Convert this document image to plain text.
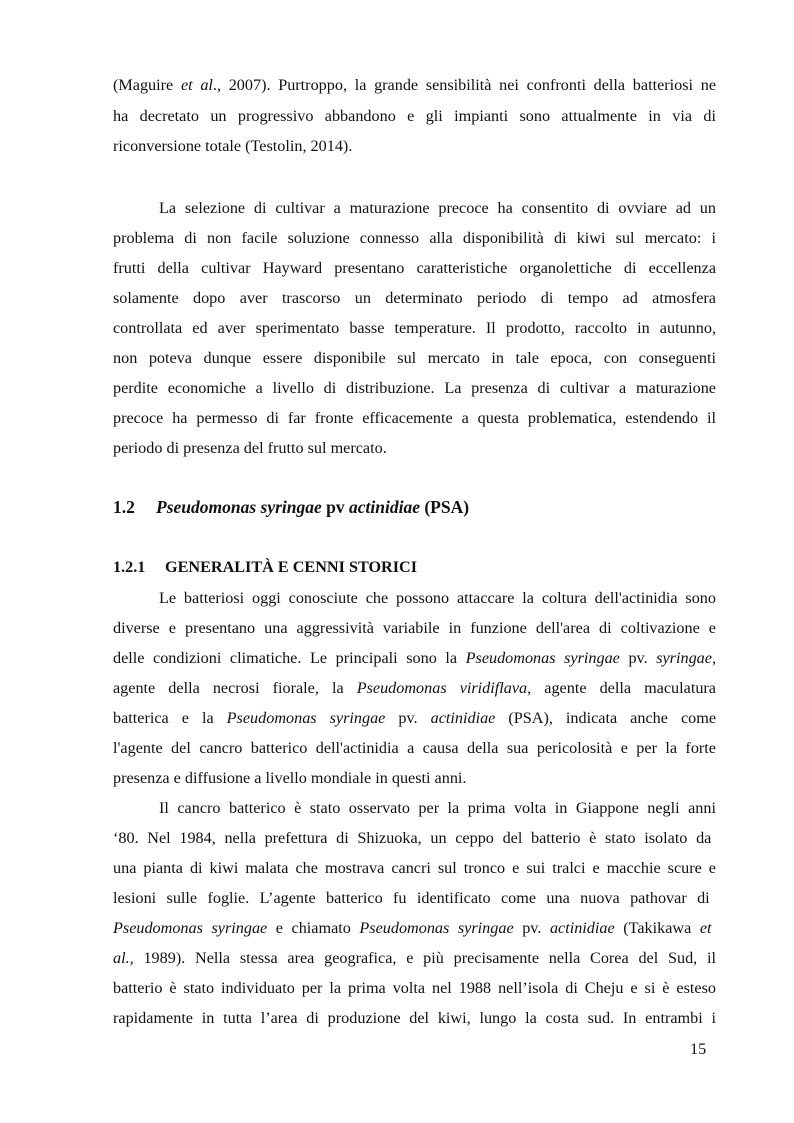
(Maguire et al., 2007). Purtroppo, la grande sensibilità nei confronti della batteriosi ne
ha decretato un progressivo abbandono e gli impianti sono attualmente in via di
riconversione totale (Testolin, 2014).
La selezione di cultivar a maturazione precoce ha consentito di ovviare ad un
problema di non facile soluzione connesso alla disponibilità di kiwi sul mercato: i
frutti della cultivar Hayward presentano caratteristiche organolettiche di eccellenza
solamente dopo aver trascorso un determinato periodo di tempo ad atmosfera
controllata ed aver sperimentato basse temperature. Il prodotto, raccolto in autunno,
non poteva dunque essere disponibile sul mercato in tale epoca, con conseguenti
perdite economiche a livello di distribuzione. La presenza di cultivar a maturazione
precoce ha permesso di far fronte efficacemente a questa problematica, estendendo il
periodo di presenza del frutto sul mercato.
1.2 Pseudomonas syringae pv actinidiae (PSA)
1.2.1 GENERALITÀ E CENNI STORICI
Le batteriosi oggi conosciute che possono attaccare la coltura dell'actinidia sono
diverse e presentano una aggressività variabile in funzione dell'area di coltivazione e
delle condizioni climatiche. Le principali sono la Pseudomonas syringae pv. syringae,
agente della necrosi fiorale, la Pseudomonas viridiflava, agente della maculatura
batterica e la Pseudomonas syringae pv. actinidiae (PSA), indicata anche come
l'agente del cancro batterico dell'actinidia a causa della sua pericolosità e per la forte
presenza e diffusione a livello mondiale in questi anni.
Il cancro batterico è stato osservato per la prima volta in Giappone negli anni
‘80. Nel 1984, nella prefettura di Shizuoka, un ceppo del batterio è stato isolato da
una pianta di kiwi malata che mostrava cancri sul tronco e sui tralci e macchie scure e
lesioni sulle foglie. L’agente batterico fu identificato come una nuova pathovar di
Pseudomonas syringae e chiamato Pseudomonas syringae pv. actinidiae (Takikawa et
al., 1989). Nella stessa area geografica, e più precisamente nella Corea del Sud, il
batterio è stato individuato per la prima volta nel 1988 nell’isola di Cheju e si è esteso
rapidamente in tutta l’area di produzione del kiwi, lungo la costa sud. In entrambi i
15
